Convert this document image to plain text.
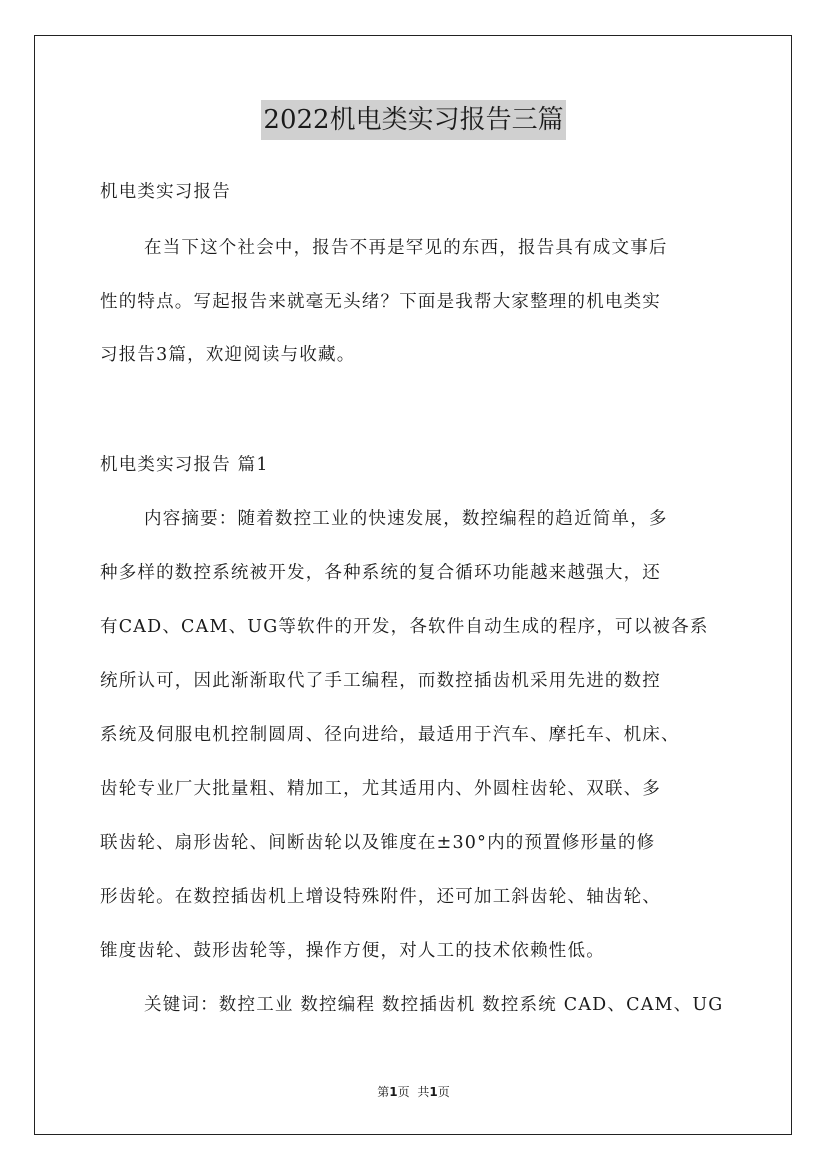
2022机电类实习报告三篇
机电类实习报告
在当下这个社会中，报告不再是罕见的东西，报告具有成文事后
性的特点。写起报告来就毫无头绪？下面是我帮大家整理的机电类实
习报告3篇，欢迎阅读与收藏。
机电类实习报告 篇1
内容摘要：随着数控工业的快速发展，数控编程的趋近简单，多
种多样的数控系统被开发，各种系统的复合循环功能越来越强大，还
有CAD、CAM、UG等软件的开发，各软件自动生成的程序，可以被各系
统所认可，因此渐渐取代了手工编程，而数控插齿机采用先进的数控
系统及伺服电机控制圆周、径向进给，最适用于汽车、摩托车、机床、
齿轮专业厂大批量粗、精加工，尤其适用内、外圆柱齿轮、双联、多
联齿轮、扇形齿轮、间断齿轮以及锥度在±30°内的预置修形量的修
形齿轮。在数控插齿机上增设特殊附件，还可加工斜齿轮、轴齿轮、
锥度齿轮、鼓形齿轮等，操作方便，对人工的技术依赖性低。
关键词：数控工业 数控编程 数控插齿机 数控系统 CAD、CAM、UG
第1页 共1页
